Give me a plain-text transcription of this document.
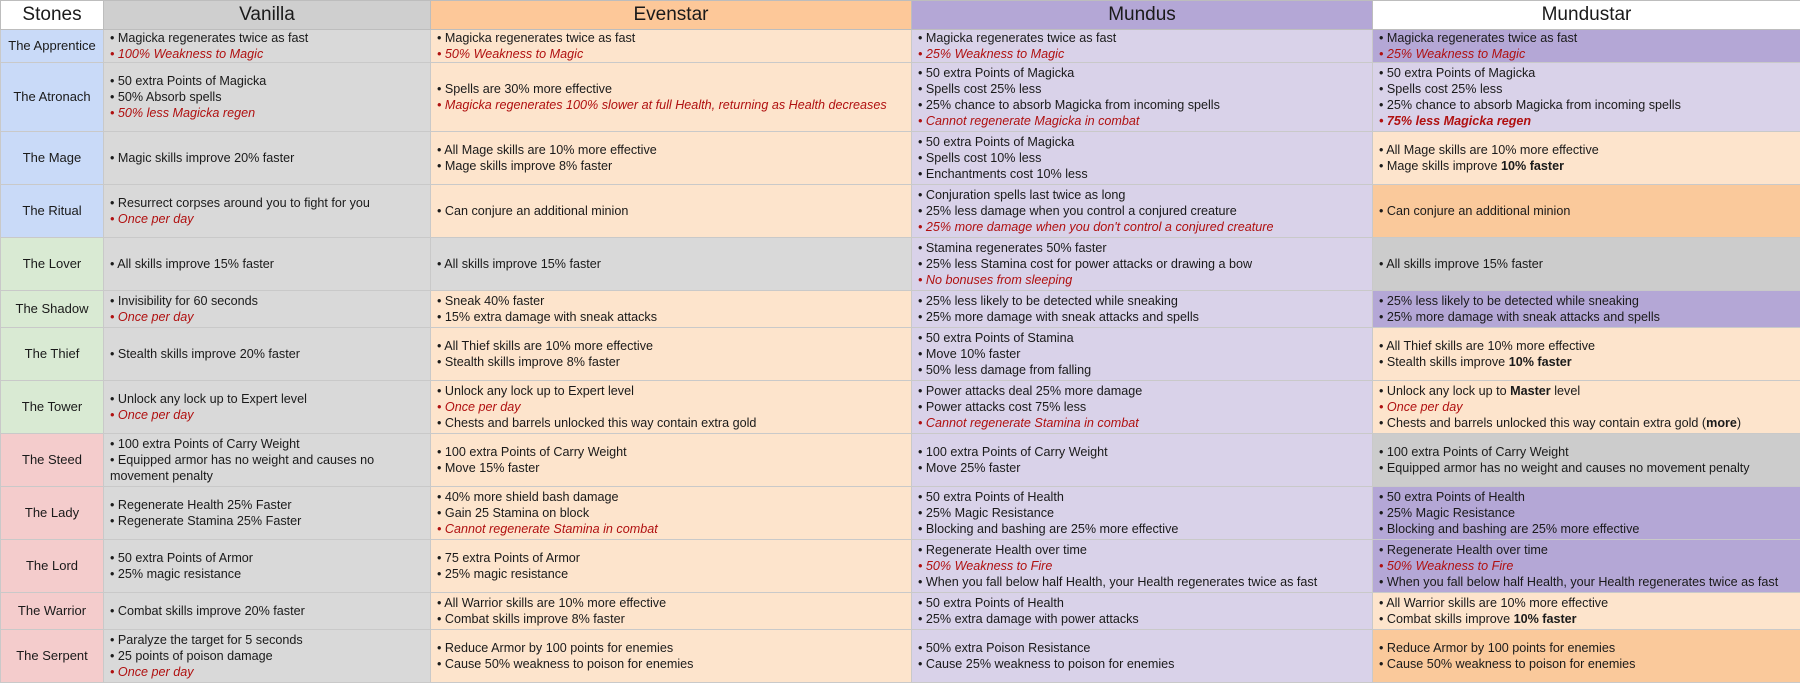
Stones	Vanilla	Evenstar	Mundus	Mundustar
The Apprentice	• Magicka regenerates twice as fast
• 100% Weakness to Magic	• Magicka regenerates twice as fast
• 50% Weakness to Magic	• Magicka regenerates twice as fast
• 25% Weakness to Magic	• Magicka regenerates twice as fast
• 25% Weakness to Magic

The Atronach	• 50 extra Points of Magicka
• 50% Absorb spells
• 50% less Magicka regen	• Spells are 30% more effective
• Magicka regenerates 100% slower at full Health, returning as Health decreases	• 50 extra Points of Magicka
• Spells cost 25% less
• 25% chance to absorb Magicka from incoming spells
• Cannot regenerate Magicka in combat	• 50 extra Points of Magicka
• Spells cost 25% less
• 25% chance to absorb Magicka from incoming spells
• 75% less Magicka regen

The Mage	• Magic skills improve 20% faster	• All Mage skills are 10% more effective
• Mage skills improve 8% faster	• 50 extra Points of Magicka
• Spells cost 10% less
• Enchantments cost 10% less	• All Mage skills are 10% more effective
• Mage skills improve 10% faster

The Ritual	• Resurrect corpses around you to fight for you
• Once per day	• Can conjure an additional minion	• Conjuration spells last twice as long
• 25% less damage when you control a conjured creature
• 25% more damage when you don't control a conjured creature	• Can conjure an additional minion

The Lover	• All skills improve 15% faster	• All skills improve 15% faster	• Stamina regenerates 50% faster
• 25% less Stamina cost for power attacks or drawing a bow
• No bonuses from sleeping	• All skills improve 15% faster

The Shadow	• Invisibility for 60 seconds
• Once per day	• Sneak 40% faster
• 15% extra damage with sneak attacks	• 25% less likely to be detected while sneaking
• 25% more damage with sneak attacks and spells	• 25% less likely to be detected while sneaking
• 25% more damage with sneak attacks and spells

The Thief	• Stealth skills improve 20% faster	• All Thief skills are 10% more effective
• Stealth skills improve 8% faster	• 50 extra Points of Stamina
• Move 10% faster
• 50% less damage from falling	• All Thief skills are 10% more effective
• Stealth skills improve 10% faster

The Tower	• Unlock any lock up to Expert level
• Once per day	• Unlock any lock up to Expert level
• Once per day
• Chests and barrels unlocked this way contain extra gold	• Power attacks deal 25% more damage
• Power attacks cost 75% less
• Cannot regenerate Stamina in combat	• Unlock any lock up to Master level
• Once per day
• Chests and barrels unlocked this way contain extra gold (more)

The Steed	• 100 extra Points of Carry Weight
• Equipped armor has no weight and causes no
movement penalty	• 100 extra Points of Carry Weight
• Move 15% faster	• 100 extra Points of Carry Weight
• Move 25% faster	• 100 extra Points of Carry Weight
• Equipped armor has no weight and causes no movement penalty

The Lady	• Regenerate Health 25% Faster
• Regenerate Stamina 25% Faster	• 40% more shield bash damage
• Gain 25 Stamina on block
• Cannot regenerate Stamina in combat	• 50 extra Points of Health
• 25% Magic Resistance
• Blocking and bashing are 25% more effective	• 50 extra Points of Health
• 25% Magic Resistance
• Blocking and bashing are 25% more effective

The Lord	• 50 extra Points of Armor
• 25% magic resistance	• 75 extra Points of Armor
• 25% magic resistance	• Regenerate Health over time
• 50% Weakness to Fire
• When you fall below half Health, your Health regenerates twice as fast	• Regenerate Health over time
• 50% Weakness to Fire
• When you fall below half Health, your Health regenerates twice as fast

The Warrior	• Combat skills improve 20% faster	• All Warrior skills are 10% more effective
• Combat skills improve 8% faster	• 50 extra Points of Health
• 25% extra damage with power attacks	• All Warrior skills are 10% more effective
• Combat skills improve 10% faster

The Serpent	• Paralyze the target for 5 seconds
• 25 points of poison damage
• Once per day	• Reduce Armor by 100 points for enemies
• Cause 50% weakness to poison for enemies	• 50% extra Poison Resistance
• Cause 25% weakness to poison for enemies	• Reduce Armor by 100 points for enemies
• Cause 50% weakness to poison for enemies
